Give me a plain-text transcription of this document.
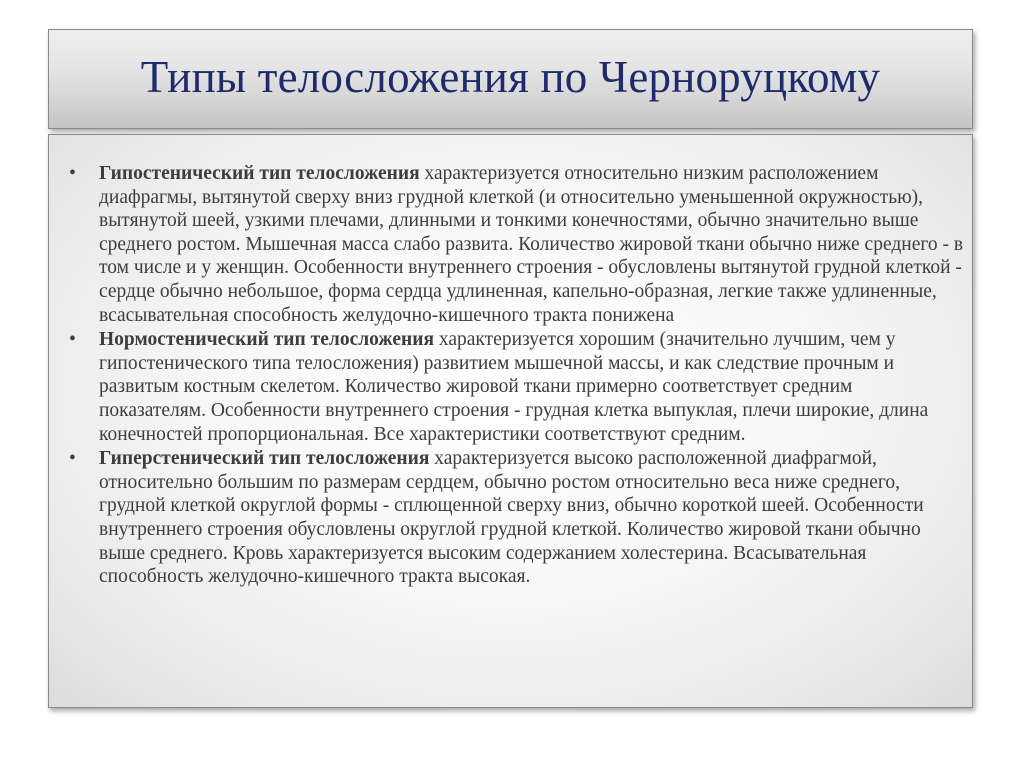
Типы телосложения по Черноруцкому
• Гипостенический тип телосложения характеризуется относительно низким расположением диафрагмы, вытянутой сверху вниз грудной клеткой (и относительно уменьшенной окружностью), вытянутой шеей, узкими плечами, длинными и тонкими конечностями, обычно значительно выше среднего ростом. Мышечная масса слабо развита. Количество жировой ткани обычно ниже среднего - в том числе и у женщин. Особенности внутреннего строения - обусловлены вытянутой грудной клеткой - сердце обычно небольшое, форма сердца удлиненная, капельно-образная, легкие также удлиненные, всасывательная способность желудочно-кишечного тракта понижена
• Нормостенический тип телосложения характеризуется хорошим (значительно лучшим, чем у гипостенического типа телосложения) развитием мышечной массы, и как следствие прочным и развитым костным скелетом. Количество жировой ткани примерно соответствует средним показателям. Особенности внутреннего строения - грудная клетка выпуклая, плечи широкие, длина конечностей пропорциональная. Все характеристики соответствуют средним.
• Гиперстенический тип телосложения характеризуется высоко расположенной диафрагмой, относительно большим по размерам сердцем, обычно ростом относительно веса ниже среднего, грудной клеткой округлой формы - сплющенной сверху вниз, обычно короткой шеей. Особенности внутреннего строения обусловлены округлой грудной клеткой. Количество жировой ткани обычно выше среднего. Кровь характеризуется высоким содержанием холестерина. Всасывательная способность желудочно-кишечного тракта высокая.
